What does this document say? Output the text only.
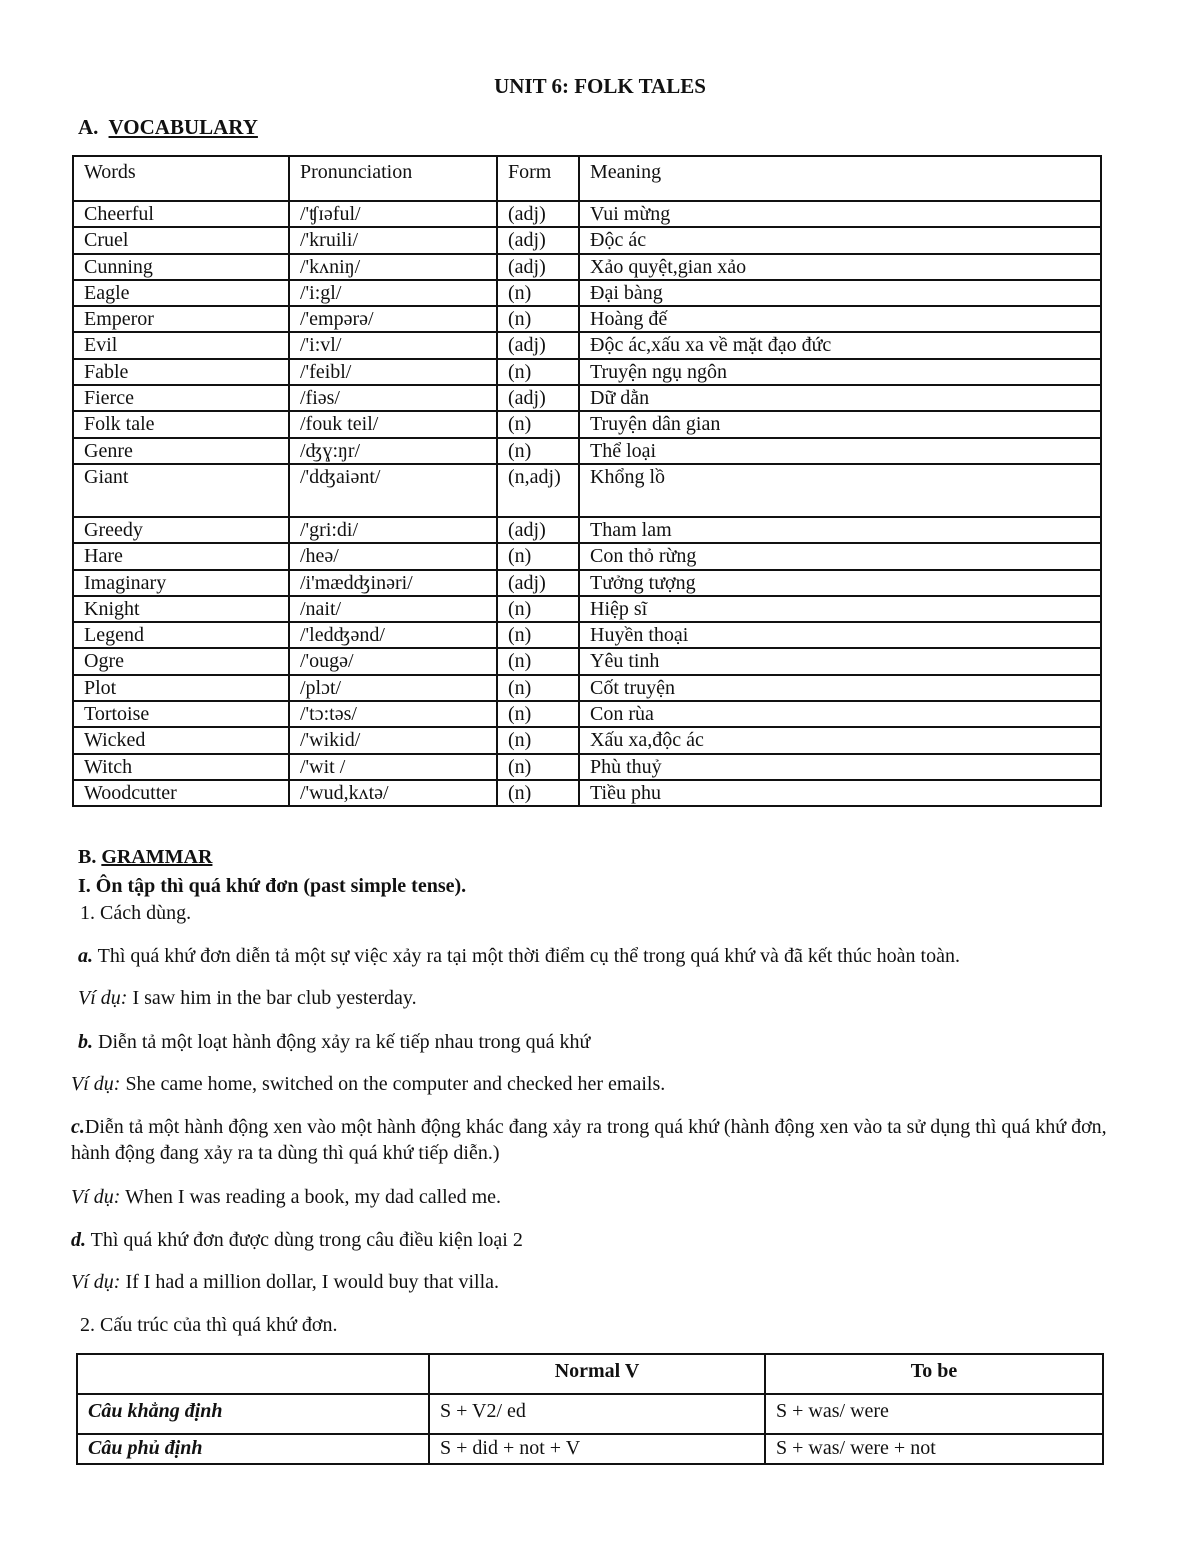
UNIT 6: FOLK TALES
A. VOCABULARY
Words	Pronunciation	Form	Meaning
Cheerful	/'ʧɪəful/	(adj)	Vui mừng
Cruel	/'kruili/	(adj)	Độc ác
Cunning	/'kʌniŋ/	(adj)	Xảo quyệt,gian xảo
Eagle	/'i:gl/	(n)	Đại bàng
Emperor	/'empərə/	(n)	Hoàng đế
Evil	/'i:vl/	(adj)	Độc ác,xấu xa về mặt đạo đức
Fable	/'feibl/	(n)	Truyện ngụ ngôn
Fierce	/fiəs/	(adj)	Dữ dằn
Folk tale	/fouk teil/	(n)	Truyện dân gian
Genre	/ʤɣ:ŋr/	(n)	Thể loại
Giant	/'dʤaiənt/	(n,adj)	Khổng lồ
Greedy	/'gri:di/	(adj)	Tham lam
Hare	/heə/	(n)	Con thỏ rừng
Imaginary	/i'mædʤinəri/	(adj)	Tưởng tượng
Knight	/nait/	(n)	Hiệp sĩ
Legend	/'ledʤənd/	(n)	Huyền thoại
Ogre	/'ougə/	(n)	Yêu tinh
Plot	/plɔt/	(n)	Cốt truyện
Tortoise	/'tɔ:təs/	(n)	Con rùa
Wicked	/'wikid/	(n)	Xấu xa,độc ác
Witch	/'wit /	(n)	Phù thuỷ
Woodcutter	/'wud,kʌtə/	(n)	Tiều phu
B. GRAMMAR
I. Ôn tập thì quá khứ đơn (past simple tense).
1. Cách dùng.
a. Thì quá khứ đơn diễn tả một sự việc xảy ra tại một thời điểm cụ thể trong quá khứ và đã kết thúc hoàn toàn.
Ví dụ: I saw him in the bar club yesterday.
b. Diễn tả một loạt hành động xảy ra kế tiếp nhau trong quá khứ
Ví dụ: She came home, switched on the computer and checked her emails.
c.Diễn tả một hành động xen vào một hành động khác đang xảy ra trong quá khứ (hành động xen vào ta sử dụng thì quá khứ đơn, hành động đang xảy ra ta dùng thì quá khứ tiếp diễn.)
Ví dụ: When I was reading a book, my dad called me.
d. Thì quá khứ đơn được dùng trong câu điều kiện loại 2
Ví dụ: If I had a million dollar, I would buy that villa.
2. Cấu trúc của thì quá khứ đơn.
	Normal V	To be
Câu khẳng định	S + V2/ ed	S + was/ were
Câu phủ định	S + did + not + V	S + was/ were + not
